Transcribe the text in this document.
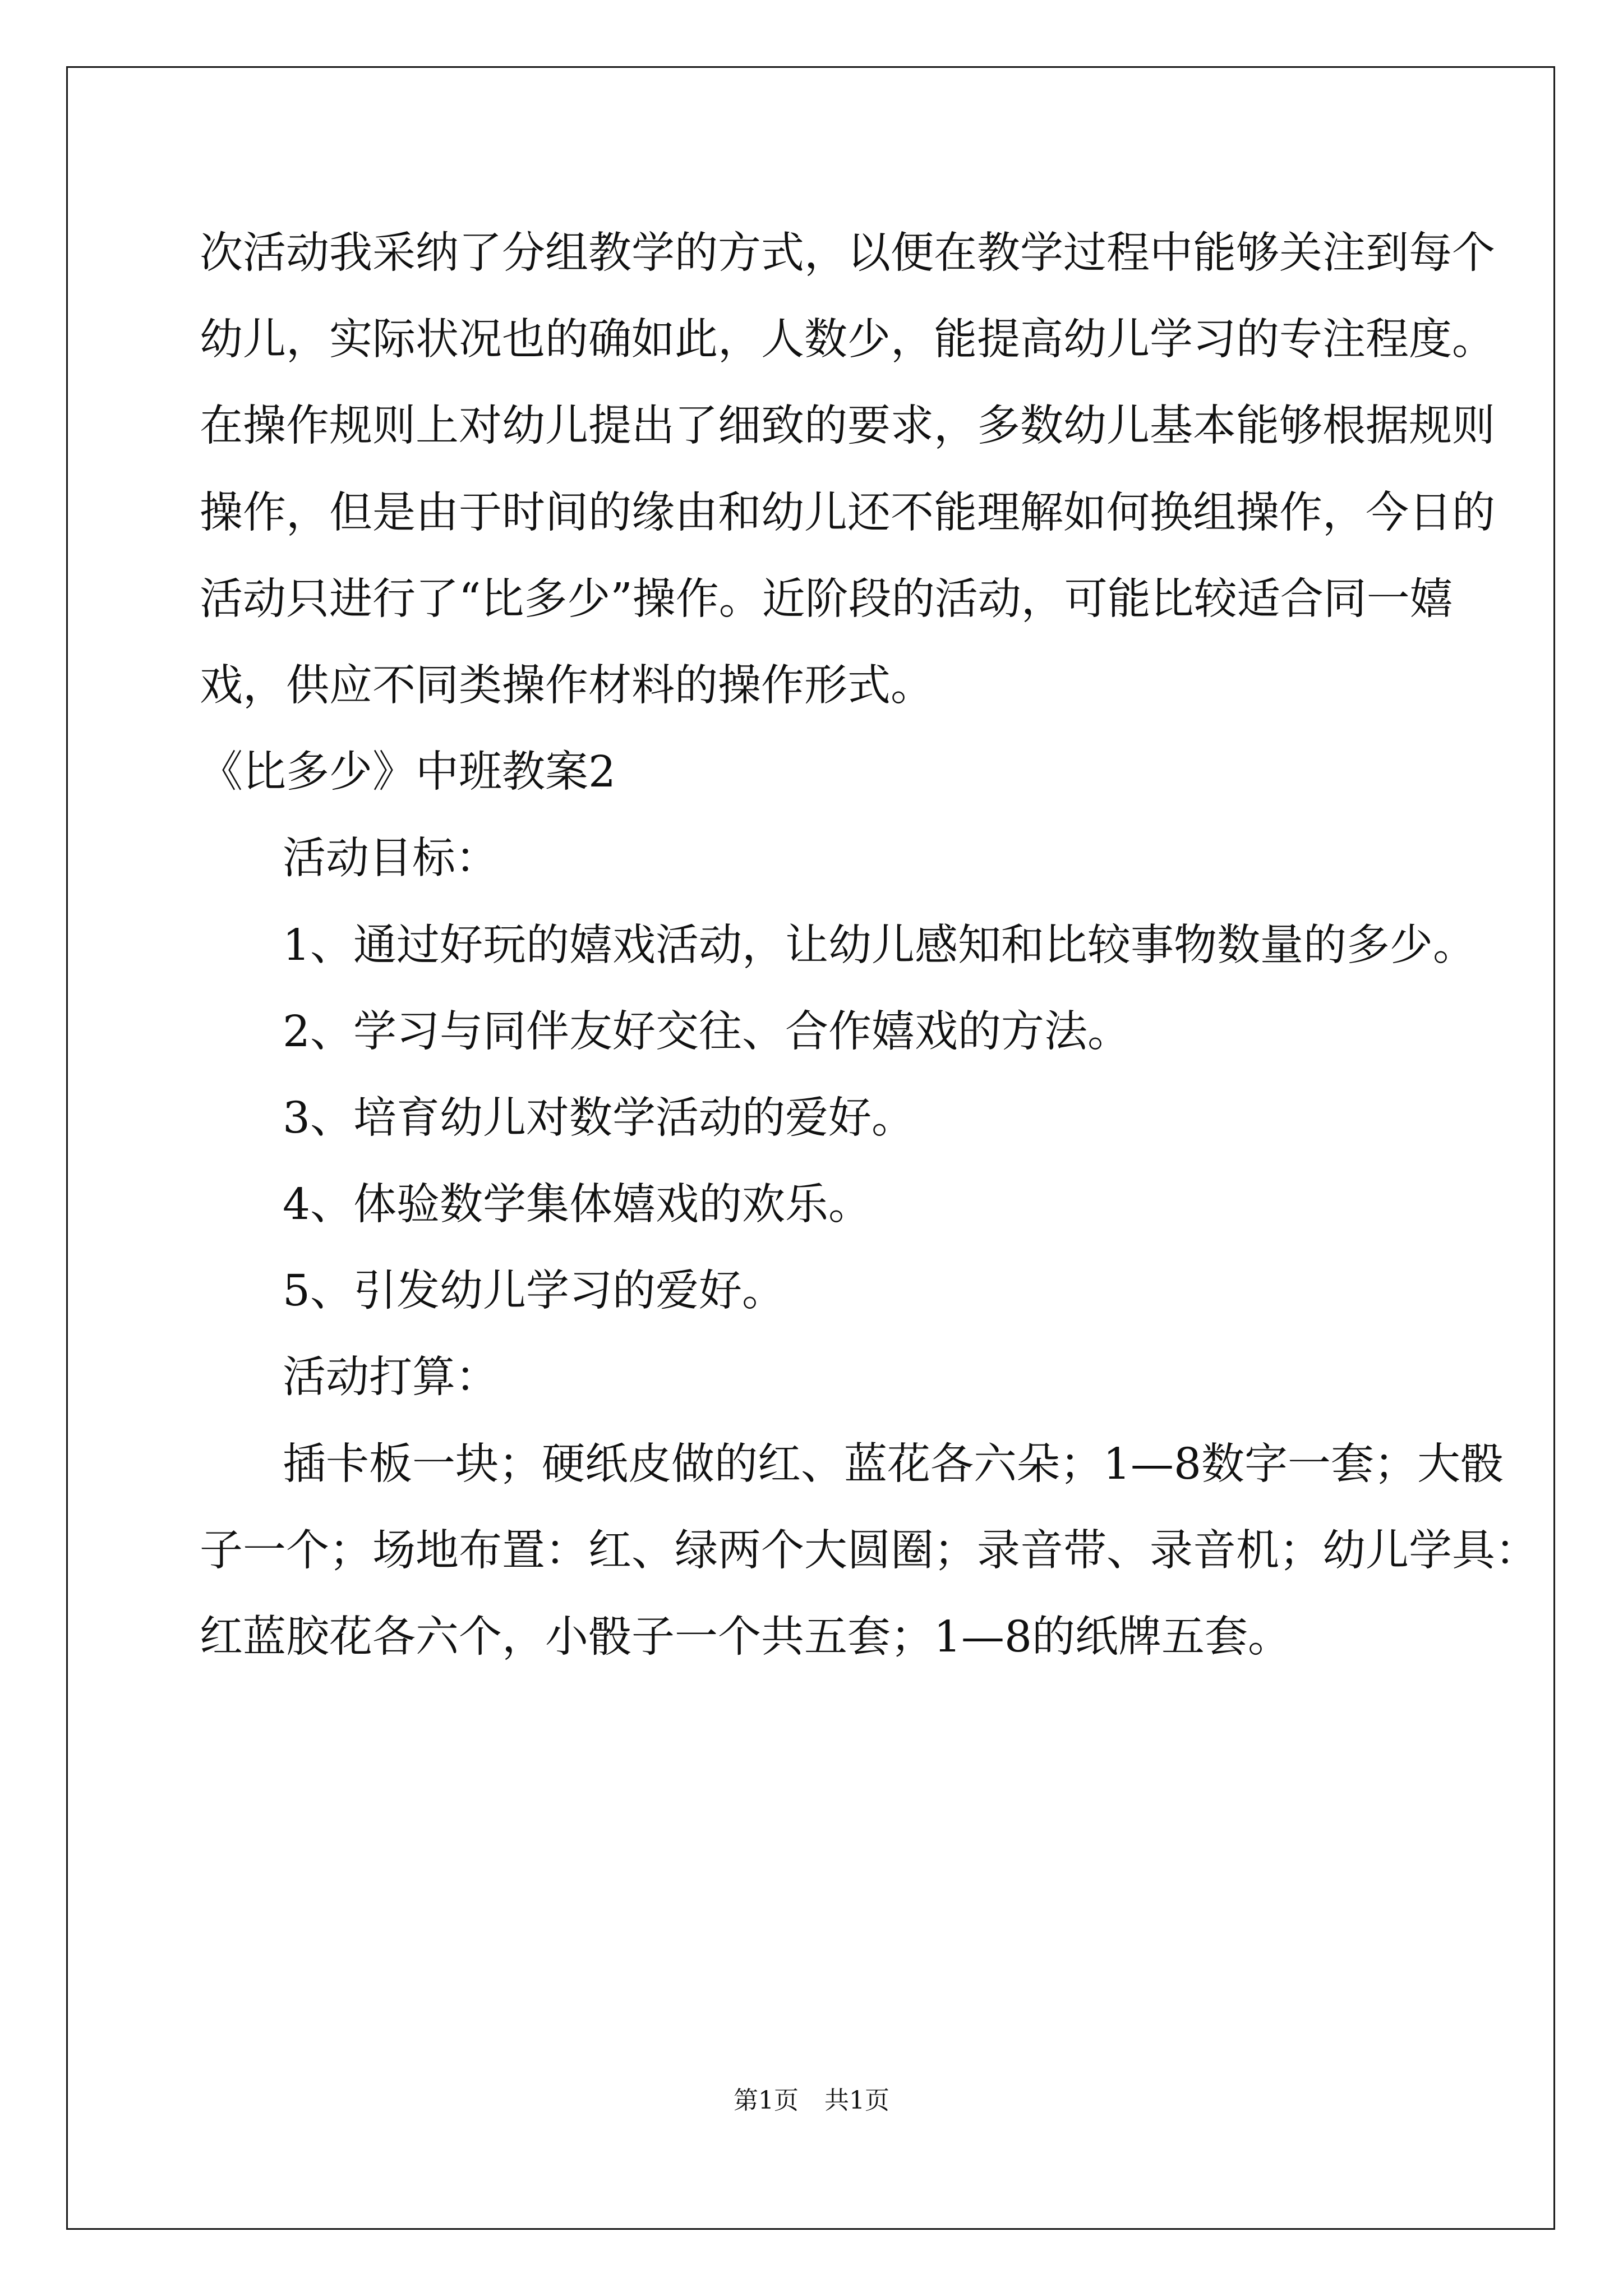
次活动我采纳了分组教学的方式，以便在教学过程中能够关注到每个
幼儿，实际状况也的确如此，人数少，能提高幼儿学习的专注程度。
在操作规则上对幼儿提出了细致的要求，多数幼儿基本能够根据规则
操作，但是由于时间的缘由和幼儿还不能理解如何换组操作，今日的
活动只进行了“比多少”操作。近阶段的活动，可能比较适合同一嬉
戏，供应不同类操作材料的操作形式。
《比多少》中班教案2
活动目标：
1、通过好玩的嬉戏活动，让幼儿感知和比较事物数量的多少。
2、学习与同伴友好交往、合作嬉戏的方法。
3、培育幼儿对数学活动的爱好。
4、体验数学集体嬉戏的欢乐。
5、引发幼儿学习的爱好。
活动打算：
插卡板一块；硬纸皮做的红、蓝花各六朵；1—8数字一套；大骰
子一个；场地布置：红、绿两个大圆圈；录音带、录音机；幼儿学具：
红蓝胶花各六个，小骰子一个共五套；1—8的纸牌五套。
第1页 共1页
